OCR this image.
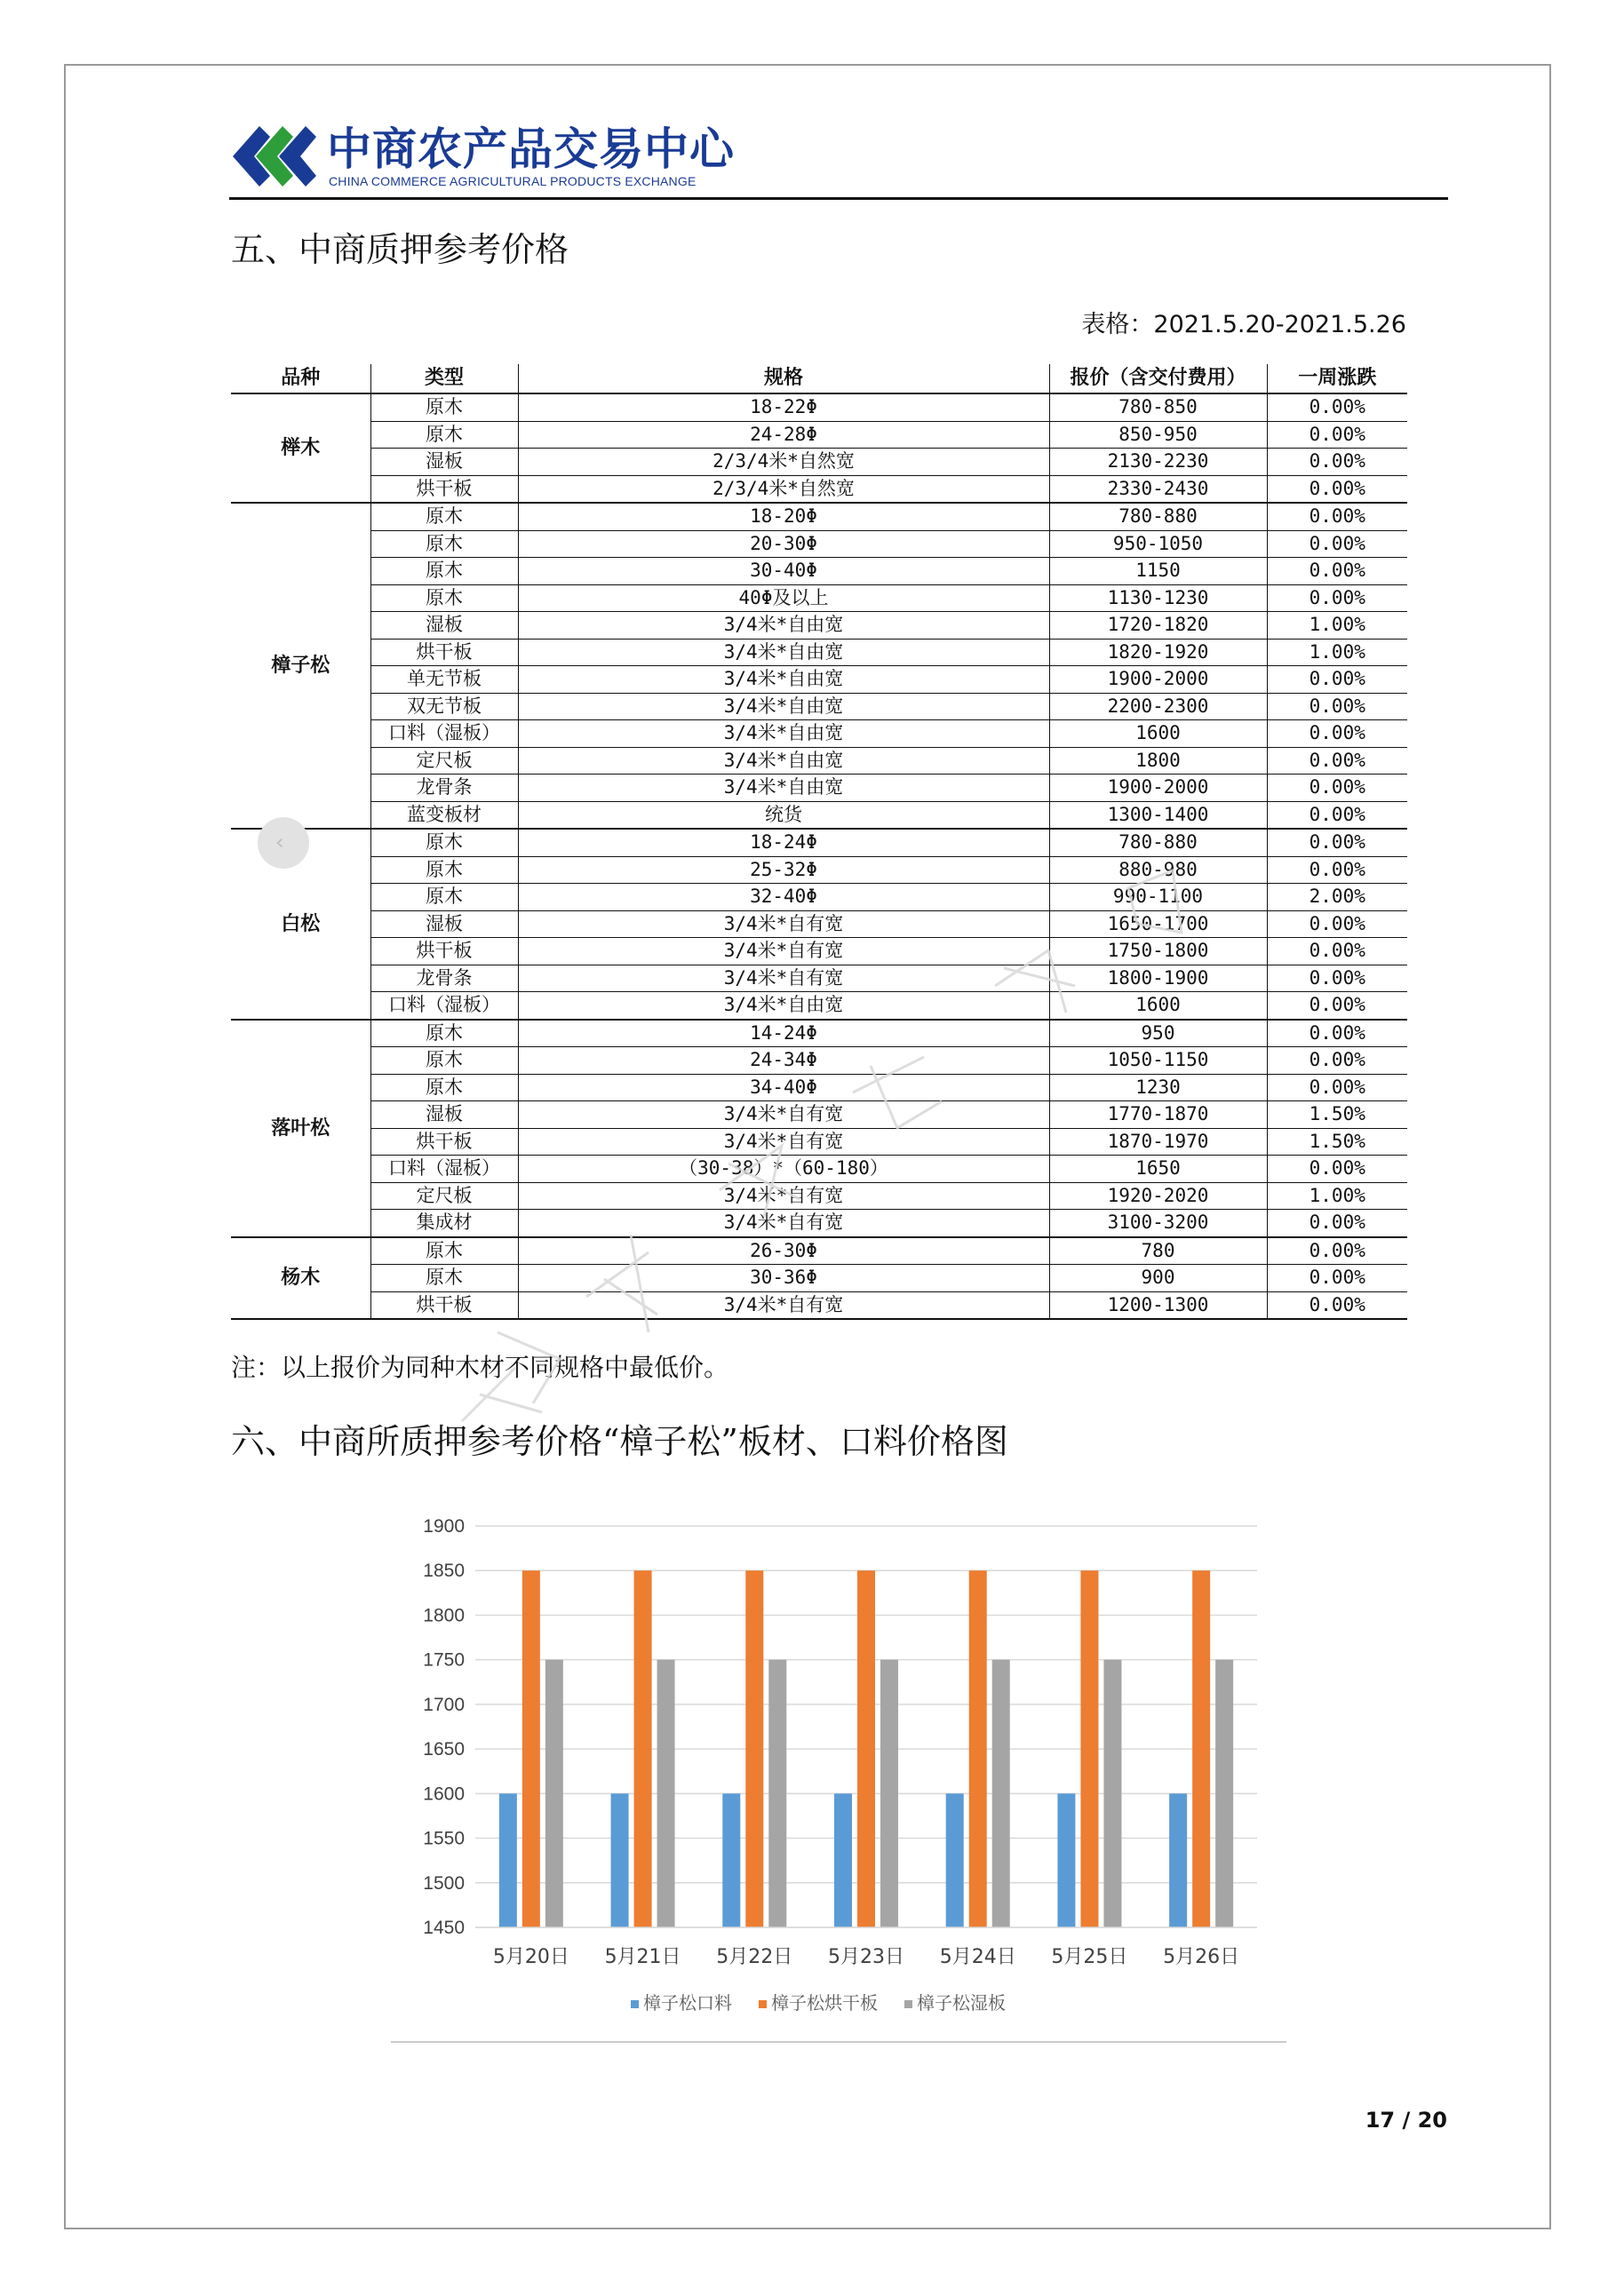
中商农产品交易中心
CHINA COMMERCE AGRICULTURAL PRODUCTS EXCHANGE
五、中商质押参考价格
表格：2021.5.20-2021.5.26
品种	类型	规格	报价（含交付费用）	一周涨跌
榉木	原木	18-22Φ	780-850	0.00%
	原木	24-28Φ	850-950	0.00%
	湿板	2/3/4米*自然宽	2130-2230	0.00%
	烘干板	2/3/4米*自然宽	2330-2430	0.00%
樟子松	原木	18-20Φ	780-880	0.00%
	原木	20-30Φ	950-1050	0.00%
	原木	30-40Φ	1150	0.00%
	原木	40Φ及以上	1130-1230	0.00%
	湿板	3/4米*自由宽	1720-1820	1.00%
	烘干板	3/4米*自由宽	1820-1920	1.00%
	单无节板	3/4米*自由宽	1900-2000	0.00%
	双无节板	3/4米*自由宽	2200-2300	0.00%
	口料（湿板）	3/4米*自由宽	1600	0.00%
	定尺板	3/4米*自由宽	1800	0.00%
	龙骨条	3/4米*自由宽	1900-2000	0.00%
	蓝变板材	统货	1300-1400	0.00%
白松	原木	18-24Φ	780-880	0.00%
	原木	25-32Φ	880-980	0.00%
	原木	32-40Φ	990-1100	2.00%
	湿板	3/4米*自有宽	1650-1700	0.00%
	烘干板	3/4米*自有宽	1750-1800	0.00%
	龙骨条	3/4米*自有宽	1800-1900	0.00%
	口料（湿板）	3/4米*自由宽	1600	0.00%
落叶松	原木	14-24Φ	950	0.00%
	原木	24-34Φ	1050-1150	0.00%
	原木	34-40Φ	1230	0.00%
	湿板	3/4米*自有宽	1770-1870	1.50%
	烘干板	3/4米*自有宽	1870-1970	1.50%
	口料（湿板）	（30-38）*（60-180）	1650	0.00%
	定尺板	3/4米*自有宽	1920-2020	1.00%
	集成材	3/4米*自有宽	3100-3200	0.00%
杨木	原木	26-30Φ	780	0.00%
	原木	30-36Φ	900	0.00%
	烘干板	3/4米*自有宽	1200-1300	0.00%
‹
注：以上报价为同种木材不同规格中最低价。
六、中商所质押参考价格“樟子松”板材、口料价格图
1450
1500
1550
1600
1650
1700
1750
1800
1850
1900
5月20日 5月21日 5月22日 5月23日 5月24日 5月25日 5月26日
樟子松口料 樟子松烘干板 樟子松湿板
17 / 20
